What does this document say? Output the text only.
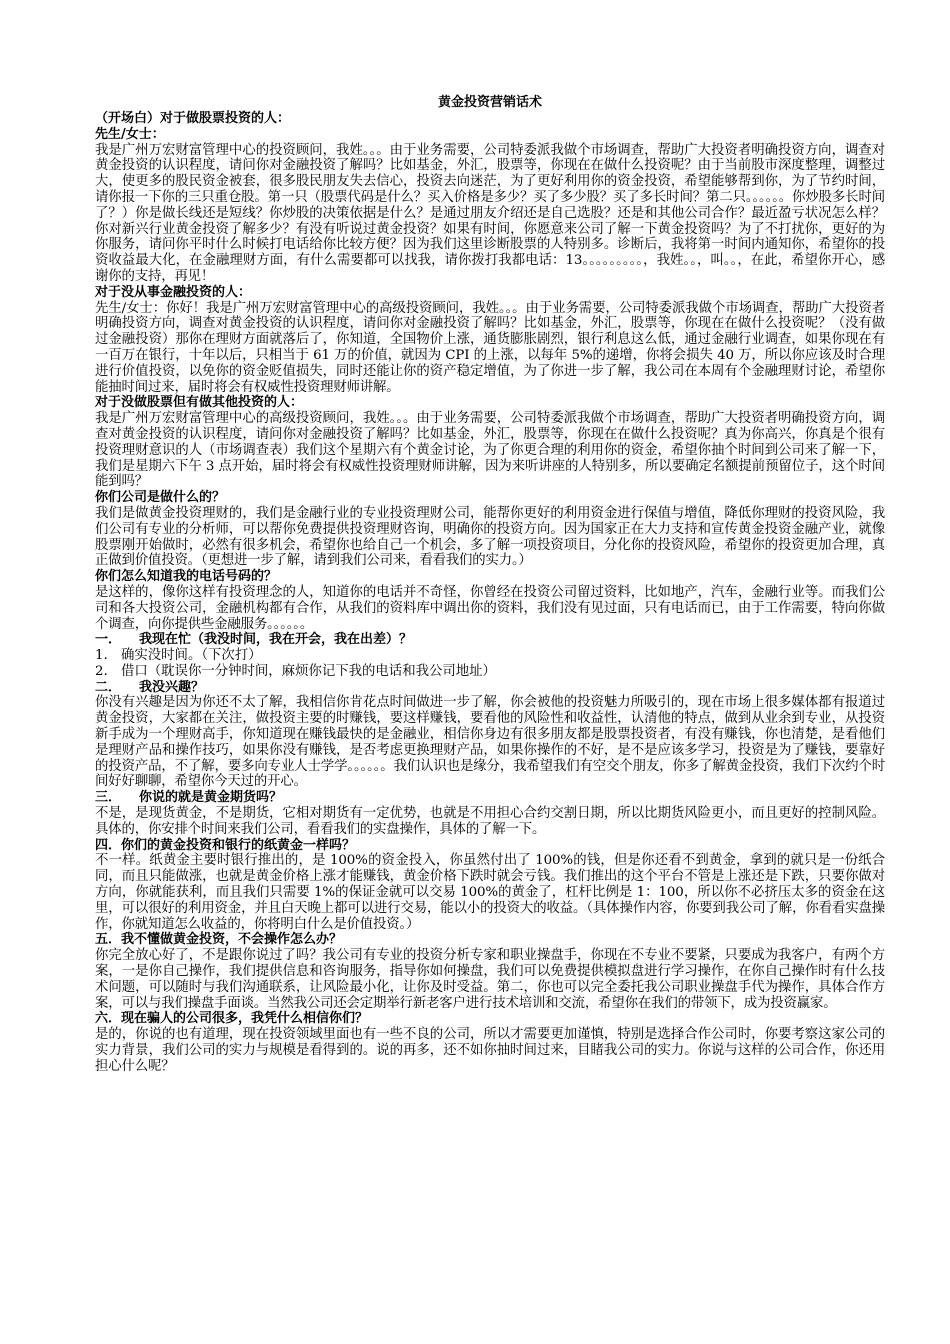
黄金投资营销话术

（开场白）对于做股票投资的人：

先生/女士：

我是广州万宏财富管理中心的投资顾问，我姓。。。由于业务需要，公司特委派我做个市场调查，帮助广大投资者明确投资方向，调查对黄金投资的认识程度，请问你对金融投资了解吗？比如基金，外汇，股票等，你现在在做什么投资呢？由于当前股市深度整理，调整过大，使更多的股民资金被套，很多股民朋友失去信心，投资去向迷茫，为了更好利用你的资金投资，希望能够帮到你，为了节约时间，请你报一下你的三只重仓股。第一只（股票代码是什么？买入价格是多少？买了多少股？买了多长时间？第二只。。。。。。你炒股多长时间了？）你是做长线还是短线？你炒股的决策依据是什么？是通过朋友介绍还是自己选股？还是和其他公司合作？最近盈亏状况怎么样？你对新兴行业黄金投资了解多少？有没有听说过黄金投资？如果有时间，你愿意来公司了解一下黄金投资吗？为了不打扰你，更好的为你服务，请问你平时什么时候打电话给你比较方便？因为我们这里诊断股票的人特别多。诊断后，我将第一时间内通知你，希望你的投资收益最大化，在金融理财方面，有什么需要都可以找我，请你拨打我都电话：13。。。。。。。。。，我姓。。，叫。。，在此，希望你开心，感谢你的支持，再见！

对于没从事金融投资的人：

先生/女士：你好！我是广州万宏财富管理中心的高级投资顾问，我姓。。。由于业务需要，公司特委派我做个市场调查，帮助广大投资者明确投资方向，调查对黄金投资的认识程度，请问你对金融投资了解吗？比如基金，外汇，股票等，你现在在做什么投资呢？（没有做过金融投资）那你在理财方面就落后了，你知道，全国物价上涨，通货膨胀剧烈，银行利息这么低，通过金融行业调查，如果你现在有一百万在银行，十年以后，只相当于 61 万的价值，就因为 CPI 的上涨，以每年 5%的递增，你将会损失 40 万，所以你应该及时合理进行价值投资，以免你的资金贬值损失，同时还能让你的资产稳定增值，为了你进一步了解，我公司在本周有个金融理财讨论，希望你能抽时间过来，届时将会有权威性投资理财师讲解。

对于没做股票但有做其他投资的人：

我是广州万宏财富管理中心的高级投资顾问，我姓。。。由于业务需要，公司特委派我做个市场调查，帮助广大投资者明确投资方向，调查对黄金投资的认识程度，请问你对金融投资了解吗？比如基金，外汇，股票等，你现在在做什么投资呢？真为你高兴，你真是个很有投资理财意识的人（市场调查表）我们这个星期六有个黄金讨论，为了你更合理的利用你的资金，希望你抽个时间到公司来了解一下，我们是星期六下午 3 点开始，届时将会有权威性投资理财师讲解，因为来听讲座的人特别多，所以要确定名额提前预留位子，这个时间能到吗？

你们公司是做什么的？

我们是做黄金投资理财的，我们是金融行业的专业投资理财公司，能帮你更好的利用资金进行保值与增值，降低你理财的投资风险，我们公司有专业的分析师，可以帮你免费提供投资理财咨询，明确你的投资方向。因为国家正在大力支持和宣传黄金投资金融产业，就像股票刚开始做时，必然有很多机会，希望你也给自己一个机会，多了解一项投资项目，分化你的投资风险，希望你的投资更加合理，真正做到价值投资。（更想进一步了解，请到我们公司来，看看我们的实力。）

你们怎么知道我的电话号码的？

是这样的，像你这样有投资理念的人，知道你的电话并不奇怪，你曾经在投资公司留过资料，比如地产，汽车，金融行业等。而我们公司和各大投资公司，金融机构都有合作，从我们的资料库中调出你的资料，我们没有见过面，只有电话而已，由于工作需要，特向你做个调查，向你提供些金融服务。。。。。。

一． 我现在忙（我没时间，我在开会，我在出差）？

1. 确实没时间。（下次打）

2. 借口（耽误你一分钟时间，麻烦你记下我的电话和我公司地址）

二． 我没兴趣？

你没有兴趣是因为你还不太了解，我相信你肯花点时间做进一步了解，你会被他的投资魅力所吸引的，现在市场上很多媒体都有报道过黄金投资，大家都在关注，做投资主要的时赚钱，要这样赚钱，要看他的风险性和收益性，认清他的特点，做到从业余到专业，从投资新手成为一个理财高手，你知道现在赚钱最快的是金融业，相信你身边有很多朋友都是股票投资者，有没有赚钱，你也清楚，是看他们是理财产品和操作技巧，如果你没有赚钱，是否考虑更换理财产品，如果你操作的不好，是不是应该多学习，投资是为了赚钱，要靠好的投资产品，不了解，要多向专业人士学学。。。。。。我们认识也是缘分，我希望我们有空交个朋友，你多了解黄金投资，我们下次约个时间好好聊聊，希望你今天过的开心。

三． 你说的就是黄金期货吗？

不是，是现货黄金，不是期货，它相对期货有一定优势，也就是不用担心合约交割日期，所以比期货风险更小，而且更好的控制风险。具体的，你安排个时间来我们公司，看看我们的实盘操作，具体的了解一下。

四．你们的黄金投资和银行的纸黄金一样吗？

不一样。纸黄金主要时银行推出的，是 100%的资金投入，你虽然付出了 100%的钱，但是你还看不到黄金，拿到的就只是一份纸合同，而且只能做涨，也就是黄金价格上涨才能赚钱，黄金价格下跌时就会亏钱。我们推出的这个平台不管是上涨还是下跌，只要你做对方向，你就能获利，而且我们只需要 1%的保证金就可以交易 100%的黄金了，杠杆比例是 1：100，所以你不必挤压太多的资金在这里，可以很好的利用资金，并且白天晚上都可以进行交易，能以小的投资大的收益。（具体操作内容，你要到我公司了解，你看看实盘操作，你就知道怎么收益的，你将明白什么是价值投资。）

五．我不懂做黄金投资，不会操作怎么办？

你完全放心好了，不是跟你说过了吗？我公司有专业的投资分析专家和职业操盘手，你现在不专业不要紧，只要成为我客户，有两个方案，一是你自己操作，我们提供信息和咨询服务，指导你如何操盘，我们可以免费提供模拟盘进行学习操作，在你自己操作时有什么技术问题，可以随时与我们沟通联系，让风险最小化，让你及时受益。第二，你也可以完全委托我公司职业操盘手代为操作，具体合作方案，可以与我们操盘手面谈。当然我公司还会定期举行新老客户进行技术培训和交流，希望你在我们的带领下，成为投资赢家。

六．现在骗人的公司很多，我凭什么相信你们？

是的，你说的也有道理，现在投资领域里面也有一些不良的公司，所以才需要更加谨慎，特别是选择合作公司时，你要考察这家公司的实力背景，我们公司的实力与规模是看得到的。说的再多，还不如你抽时间过来，目睹我公司的实力。你说与这样的公司合作，你还用担心什么呢？
